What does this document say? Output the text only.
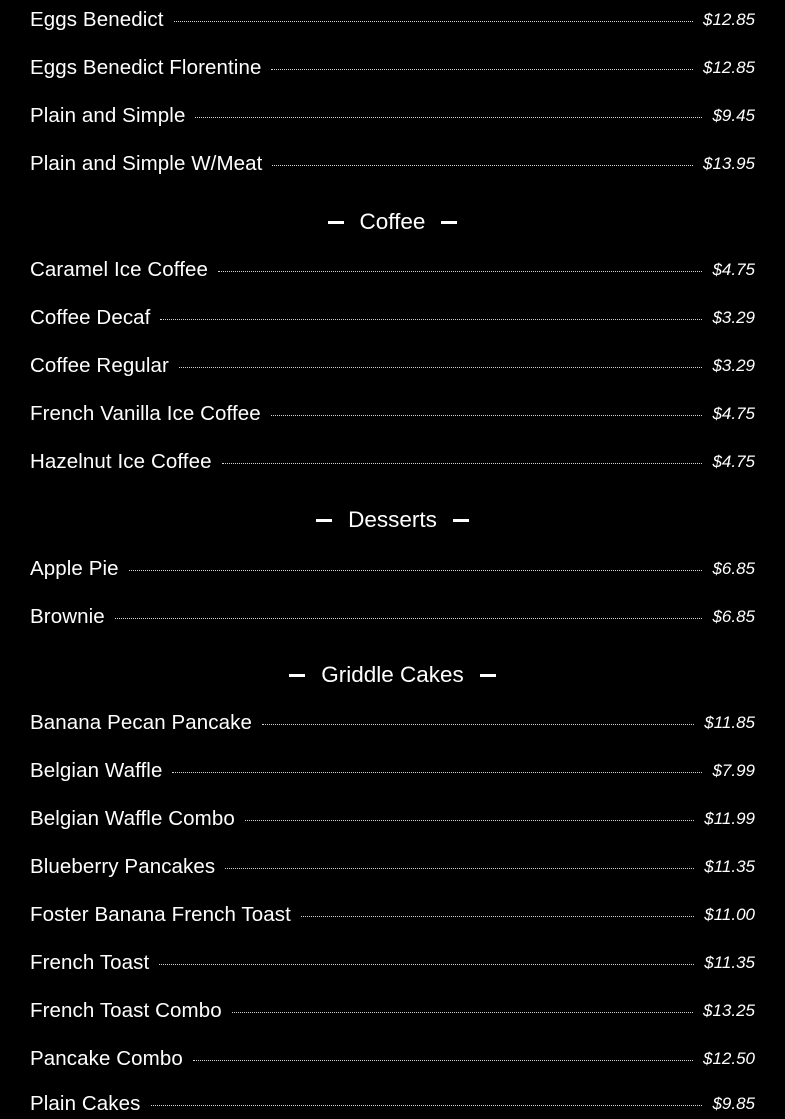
Eggs Benedict	$12.85
Eggs Benedict Florentine	$12.85
Plain and Simple	$9.45
Plain and Simple W/Meat	$13.95
Coffee
Caramel Ice Coffee	$4.75
Coffee Decaf	$3.29
Coffee Regular	$3.29
French Vanilla Ice Coffee	$4.75
Hazelnut Ice Coffee	$4.75
Desserts
Apple Pie	$6.85
Brownie	$6.85
Griddle Cakes
Banana Pecan Pancake	$11.85
Belgian Waffle	$7.99
Belgian Waffle Combo	$11.99
Blueberry Pancakes	$11.35
Foster Banana French Toast	$11.00
French Toast	$11.35
French Toast Combo	$13.25
Pancake Combo	$12.50
Plain Cakes	$9.85
